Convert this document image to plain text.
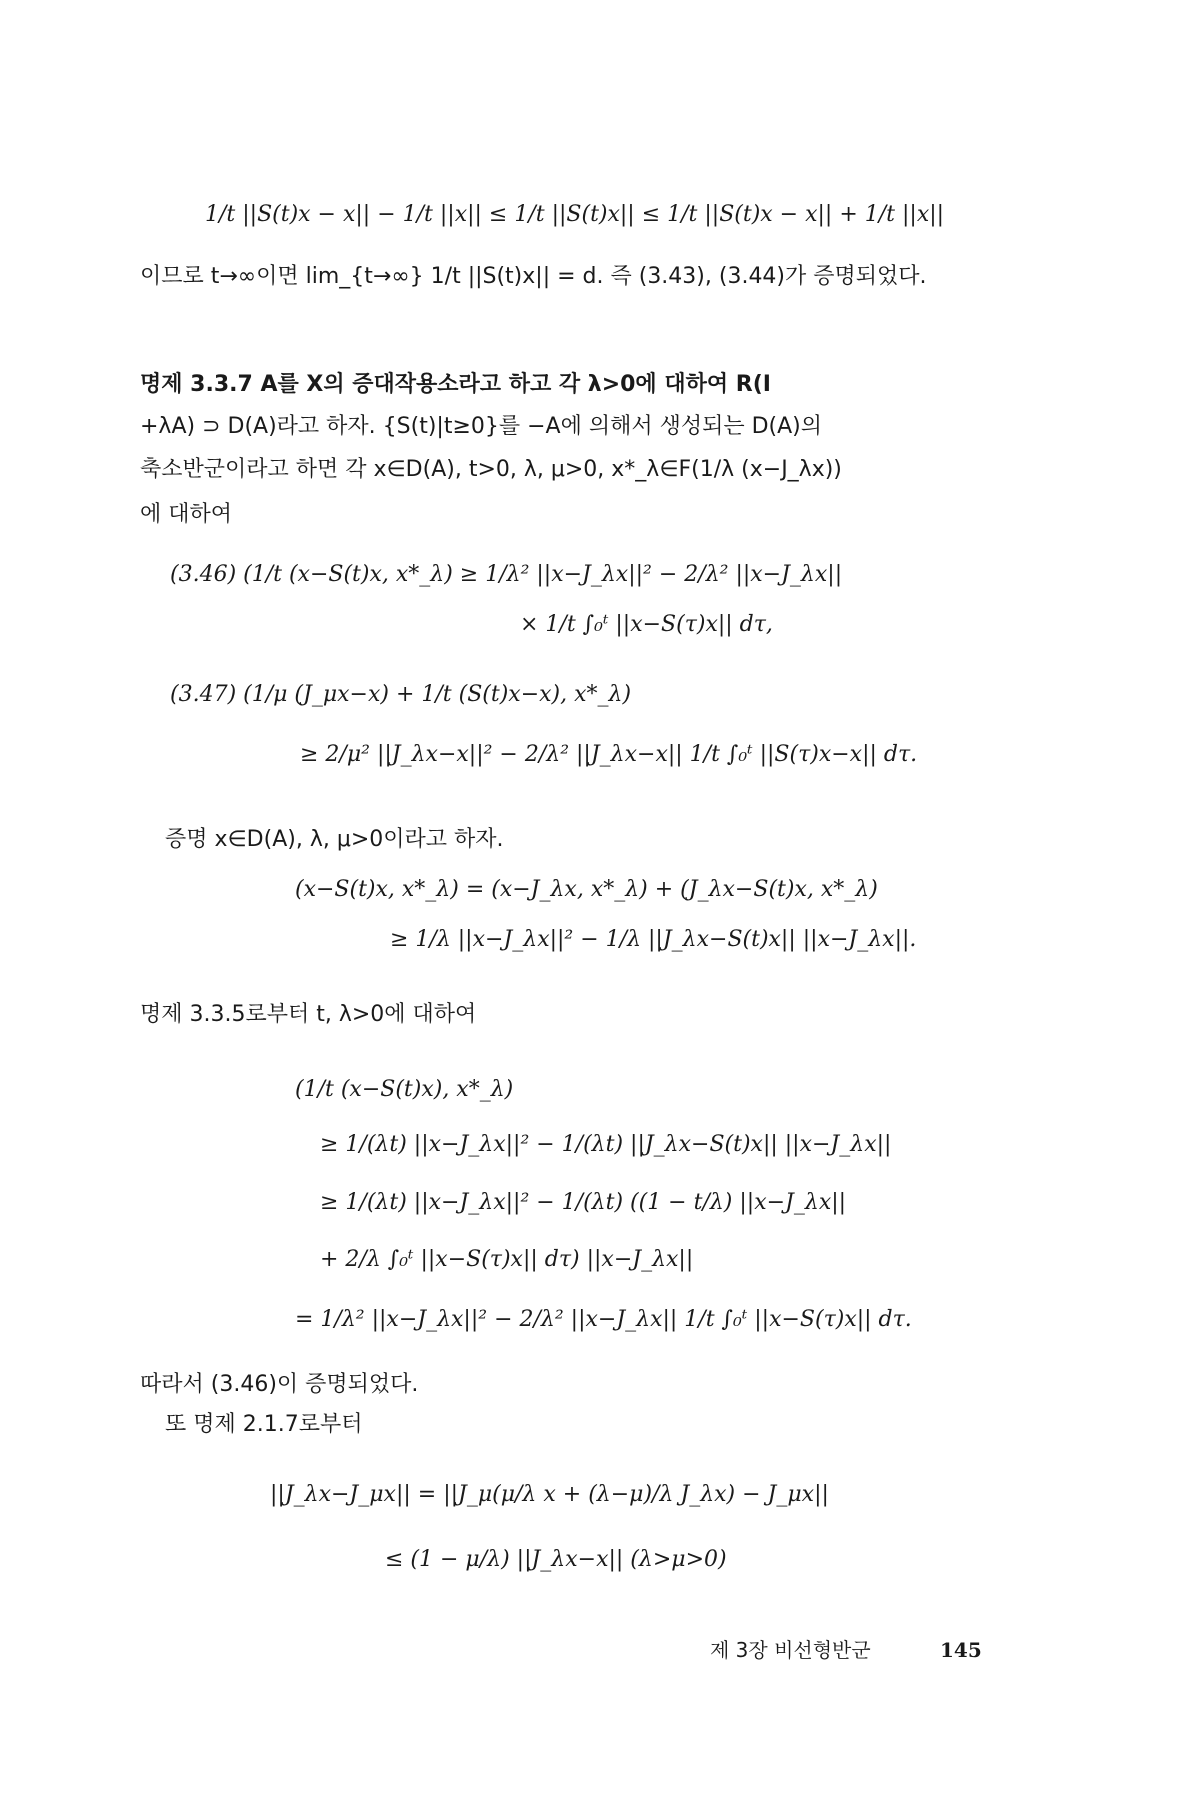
1/t ||S(t)x − x|| − 1/t ||x|| ≤ 1/t ||S(t)x|| ≤ 1/t ||S(t)x − x|| + 1/t ||x||
이므로 t→∞이면 lim_{t→∞} 1/t ||S(t)x|| = d. 즉 (3.43), (3.44)가 증명되었다.
명제 3.3.7 A를 X의 증대작용소라고 하고 각 λ>0에 대하여 R(I
+λA) ⊃ D(A)라고 하자. {S(t)|t≥0}를 −A에 의해서 생성되는 D(A)의
축소반군이라고 하면 각 x∈D(A), t>0, λ, μ>0, x*_λ∈F(1/λ (x−J_λx))
에 대하여
(3.46) (1/t (x−S(t)x, x*_λ) ≥ 1/λ² ||x−J_λx||² − 2/λ² ||x−J_λx||
× 1/t ∫₀ᵗ ||x−S(τ)x|| dτ,
(3.47) (1/μ (J_μx−x) + 1/t (S(t)x−x), x*_λ)
≥ 2/μ² ||J_λx−x||² − 2/λ² ||J_λx−x|| 1/t ∫₀ᵗ ||S(τ)x−x|| dτ.
증명 x∈D(A), λ, μ>0이라고 하자.
(x−S(t)x, x*_λ) = (x−J_λx, x*_λ) + (J_λx−S(t)x, x*_λ)
≥ 1/λ ||x−J_λx||² − 1/λ ||J_λx−S(t)x|| ||x−J_λx||.
명제 3.3.5로부터 t, λ>0에 대하여
(1/t (x−S(t)x), x*_λ)
≥ 1/(λt) ||x−J_λx||² − 1/(λt) ||J_λx−S(t)x|| ||x−J_λx||
≥ 1/(λt) ||x−J_λx||² − 1/(λt) ((1 − t/λ) ||x−J_λx||
+ 2/λ ∫₀ᵗ ||x−S(τ)x|| dτ) ||x−J_λx||
= 1/λ² ||x−J_λx||² − 2/λ² ||x−J_λx|| 1/t ∫₀ᵗ ||x−S(τ)x|| dτ.
따라서 (3.46)이 증명되었다.
또 명제 2.1.7로부터
||J_λx−J_μx|| = ||J_μ(μ/λ x + (λ−μ)/λ J_λx) − J_μx||
≤ (1 − μ/λ) ||J_λx−x|| (λ>μ>0)
제 3장 비선형반군	145
